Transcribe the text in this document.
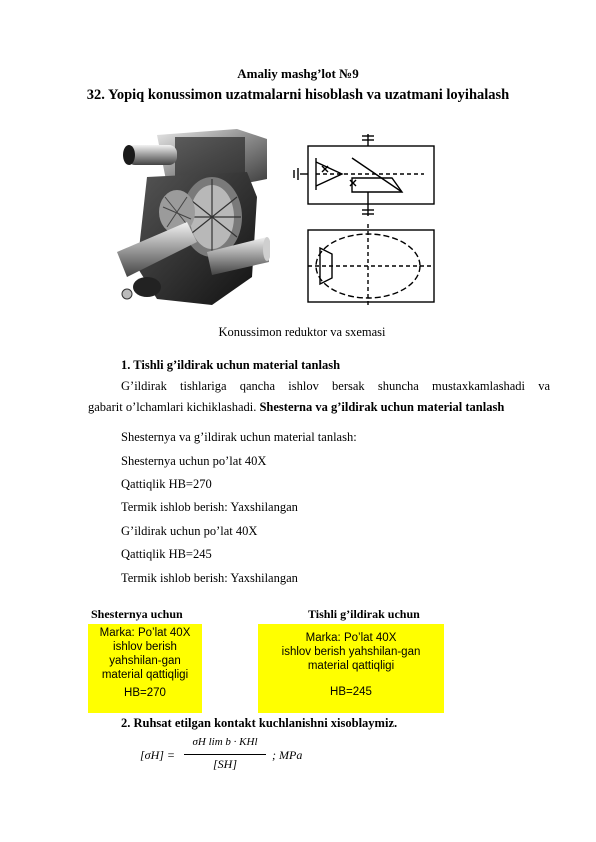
Amaliy mashg’lot №9
32. Yopiq konussimon uzatmalarni hisoblash va uzatmani loyihalash
Konussimon reduktor va sxemasi
1. Tishli g’ildirak uchun material tanlash
G’ildirak tishlariga qancha ishlov bersak shuncha mustaxkamlashadi va
gabarit o’lchamlari kichiklashadi. Shesterna va g’ildirak uchun material tanlash
Shesternya va g’ildirak uchun material tanlash:
Shesternya uchun po’lat 40X
Qattiqlik HB=270
Termik ishlob berish: Yaxshilangan
G’ildirak uchun po’lat 40X
Qattiqlik HB=245
Termik ishlob berish: Yaxshilangan
Shesternya uchun
Marka: Po’lat 40X
ishlov berish
yahshilan-gan
material qattiqligi
HB=270
Tishli g’ildirak uchun
Marka: Po’lat 40X
ishlov berish yahshilan-gan
material qattiqligi
HB=245
2. Ruhsat etilgan kontakt kuchlanishni xisoblaymiz.
[σH] =
σH lim b · KHl
[SH]
; MPa
